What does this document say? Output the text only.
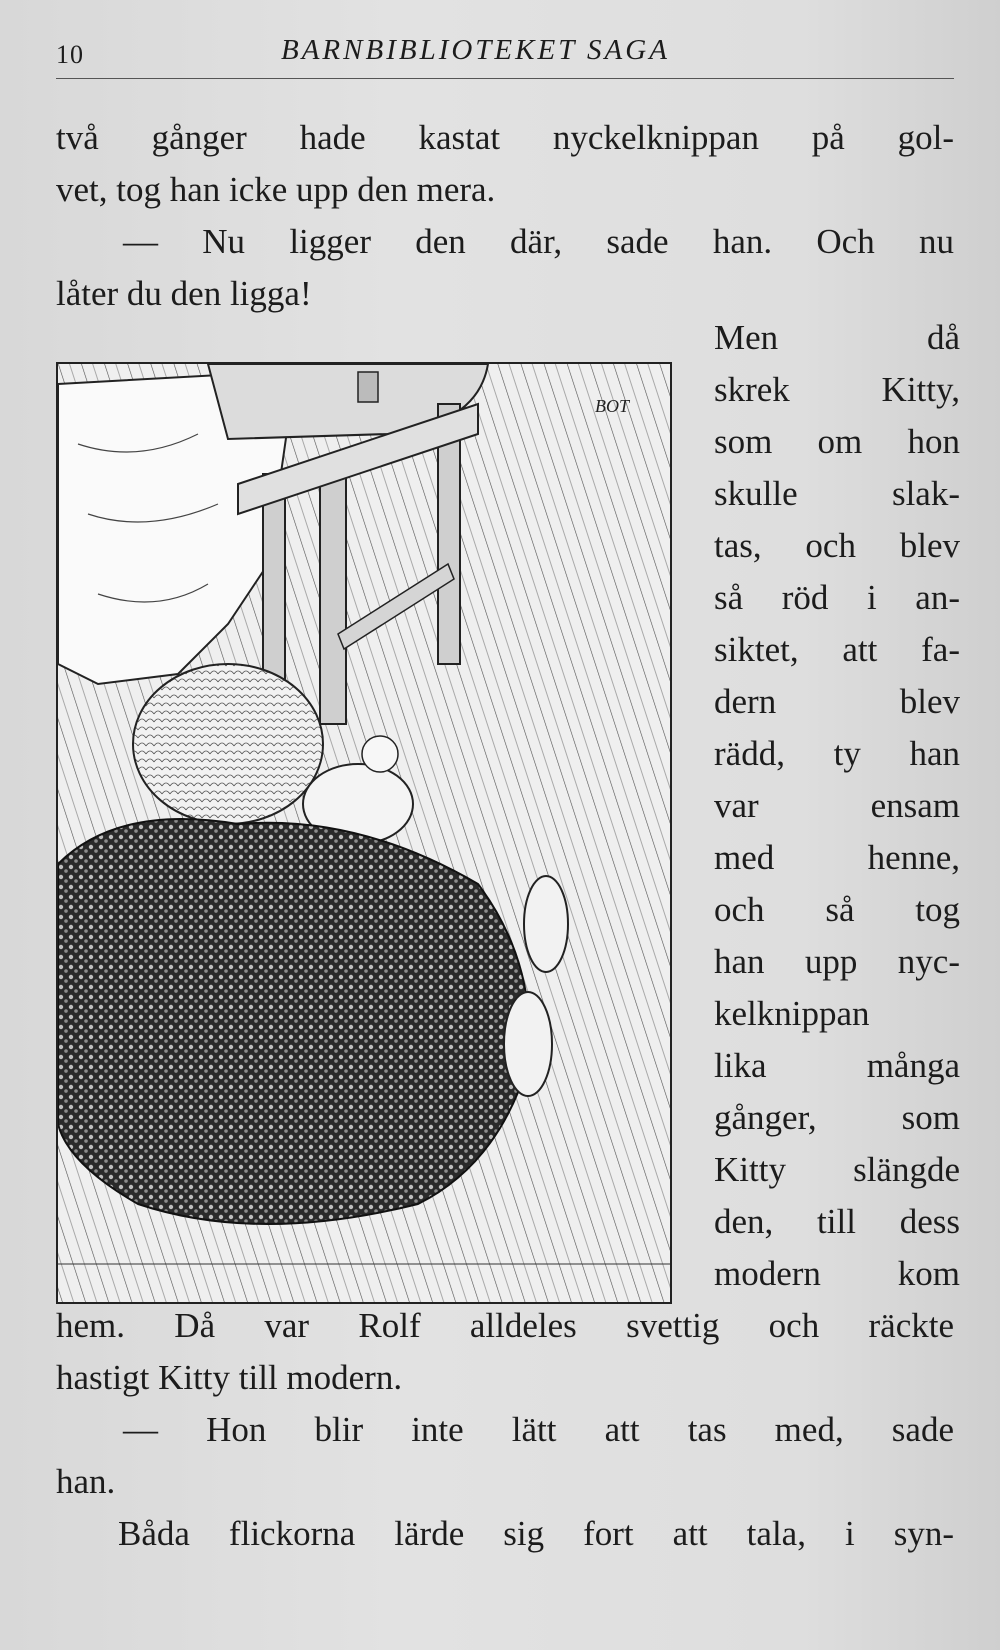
10	BARNBIBLIOTEKET SAGA
två gånger hade kastat nyckelknippan på gol-
vet, tog han icke upp den mera.
— Nu ligger den där, sade han. Och nu
låter du den ligga!
BOT
Men då
skrek Kitty,
som om hon
skulle slak-
tas, och blev
så röd i an-
siktet, att fa-
dern blev
rädd, ty han
var ensam
med henne,
och så tog
han upp nyc-
kelknippan
lika många
gånger, som
Kitty slängde
den, till dess
modern kom
hem. Då var Rolf alldeles svettig och räckte
hastigt Kitty till modern.
— Hon blir inte lätt att tas med, sade
han.
Båda flickorna lärde sig fort att tala, i syn-
